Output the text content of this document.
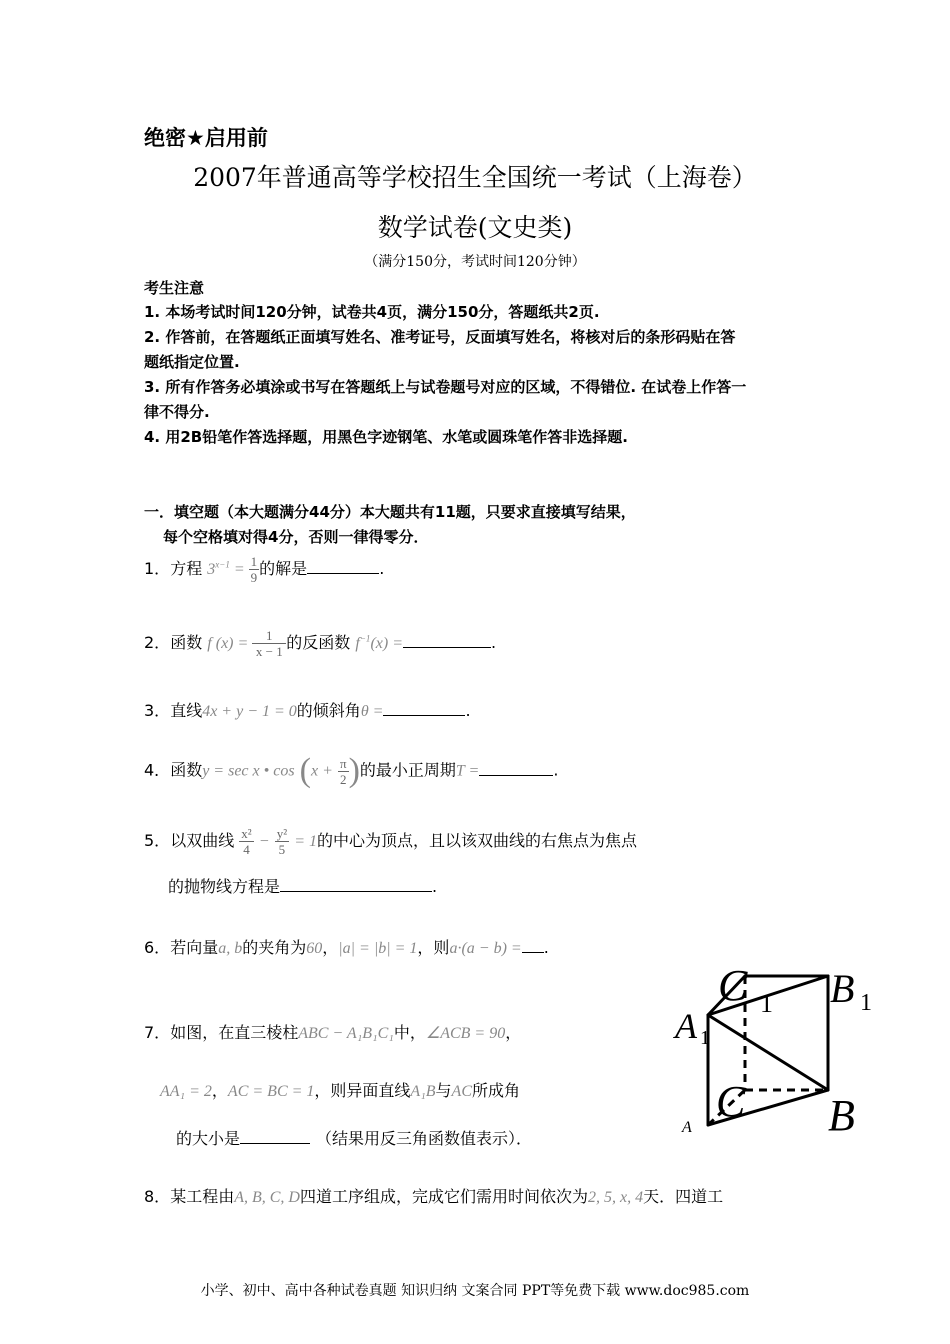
绝密★启用前
2007年普通高等学校招生全国统一考试（上海卷）
数学试卷(文史类)
（满分150分，考试时间120分钟）
考生注意
1. 本场考试时间120分钟，试卷共4页，满分150分，答题纸共2页.
2. 作答前，在答题纸正面填写姓名、准考证号，反面填写姓名，将核对后的条形码贴在答
题纸指定位置.
3. 所有作答务必填涂或书写在答题纸上与试卷题号对应的区域，不得错位. 在试卷上作答一
律不得分.
4. 用2B铅笔作答选择题，用黑色字迹钢笔、水笔或圆珠笔作答非选择题.
一．填空题（本大题满分44分）本大题共有11题，只要求直接填写结果，
每个空格填对得4分，否则一律得零分．
1．方程 $3^{x-1} = \frac{1}{9}$ 的解是	.
2．函数 f $(x) = \frac{1}{x - 1}$ 的反函数 $f^{-1}(x)$ =	.
3．直线4x + y − 1 = 0的倾斜角θ =	.
4．函数y = sec x • $\cos (x + \frac{\pi}{2}$ )的最小正周期T =	.
5．以双曲线 $\frac{\text{x²}}{4} - \frac{\text{y²}}{5} = 1$的中心为顶点，且以该双曲线的右焦点为焦点
的抛物线方程是	.
6．若向量a, b的夹角为60，|a| = |b| = 1，则a·(a − b) = .
7．如图，在直三棱柱ABC − A₁B₁C₁中，∠ACB = 90，
AA₁ = 2，AC = BC = 1，则异面直线A₁B与AC所成角
的大小是	（结果用反三角函数值表示）．
8．某工程由A, B, C, D四道工序组成，完成它们需用时间依次为2, 5, x, 4天．四道工
C 1 B 1
A 1
C B
A
小学、初中、高中各种试卷真题 知识归纳 文案合同 PPT等免费下载 www.doc985.com
